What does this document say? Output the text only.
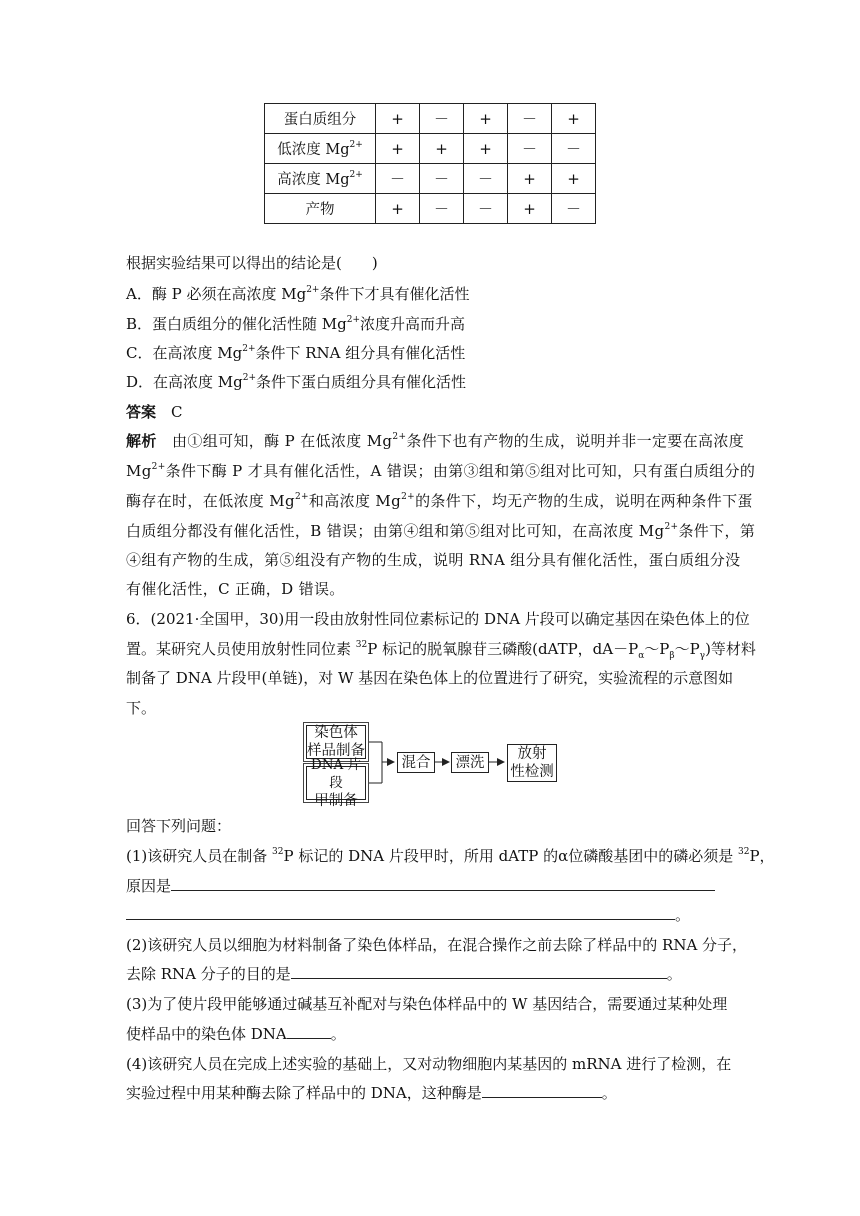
蛋白质组分	+	－	+	－	+
低浓度 $Mg^{2+}$	+	+	+	－	－
高浓度 $Mg^{2+}$	－	－	－	+	+
产物	+	－	－	+	－
根据实验结果可以得出的结论是(　　)
A．酶 P 必须在高浓度 $Mg^{2+}$条件下才具有催化活性
B．蛋白质组分的催化活性随 $Mg^{2+}$浓度升高而升高
C．在高浓度 $Mg^{2+}$条件下 RNA 组分具有催化活性
D．在高浓度 $Mg^{2+}$条件下蛋白质组分具有催化活性
答案　 C
解析　由①组可知，酶 P 在低浓度 $Mg^{2+}$条件下也有产物的生成，说明并非一定要在高浓度
$Mg^{2+}$条件下酶 P 才具有催化活性，A 错误；由第③组和第⑤组对比可知，只有蛋白质组分的
酶存在时，在低浓度 $Mg^{2+}$和高浓度 $Mg^{2+}$的条件下，均无产物的生成，说明在两种条件下蛋
白质组分都没有催化活性，B 错误；由第④组和第⑤组对比可知，在高浓度 $Mg^{2+}$条件下，第
④组有产物的生成，第⑤组没有产物的生成，说明 RNA 组分具有催化活性，蛋白质组分没
有催化活性，C 正确，D 错误。
6．(2021·全国甲，30)用一段由放射性同位素标记的 DNA 片段可以确定基因在染色体上的位
置。某研究人员使用放射性同位素 $^{32}$P 标记的脱氧腺苷三磷酸(dATP，$dA-P_\alpha\sim P_\beta\sim P_\gamma$)等材料
制备了 DNA 片段甲(单链)，对 W 基因在染色体上的位置进行了研究，实验流程的示意图如
下。
染色体
样品制备
DNA 片段
甲制备
混合	漂洗
放射
性检测
回答下列问题：
(1)该研究人员在制备 $^{32}$P 标记的 DNA 片段甲时，所用 dATP 的α位磷酸基团中的磷必须是 $^{32}$P，
原因是
。
(2)该研究人员以细胞为材料制备了染色体样品，在混合操作之前去除了样品中的 RNA 分子，
去除 RNA 分子的目的是	。
(3)为了使片段甲能够通过碱基互补配对与染色体样品中的 W 基因结合，需要通过某种处理
使样品中的染色体 DNA	。
(4)该研究人员在完成上述实验的基础上，又对动物细胞内某基因的 mRNA 进行了检测，在
实验过程中用某种酶去除了样品中的 DNA，这种酶是	。
